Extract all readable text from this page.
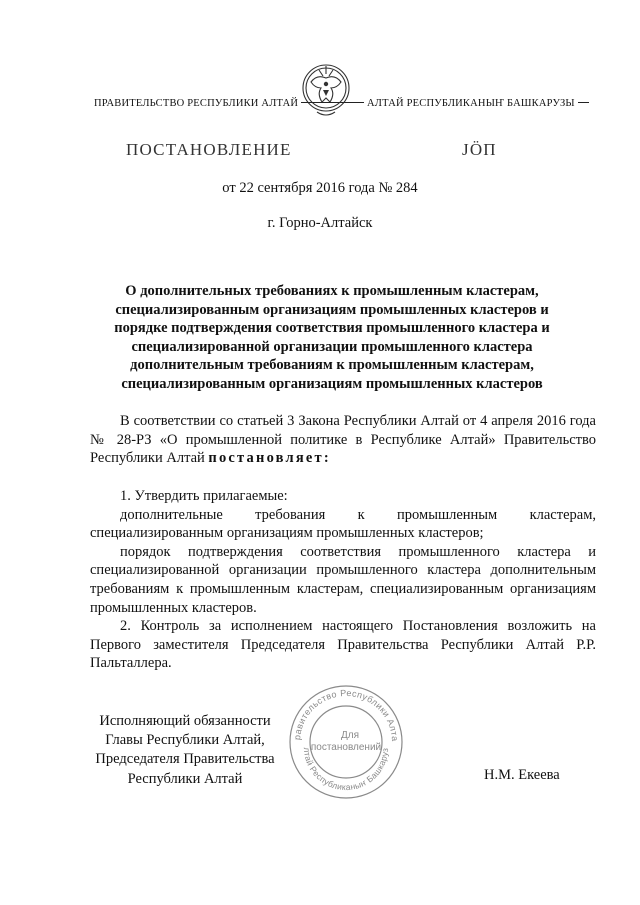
ПРАВИТЕЛЬСТВО РЕСПУБЛИКИ АЛТАЙ	АЛТАЙ РЕСПУБЛИКАНЫҤ БАШКАРУЗЫ
ПОСТАНОВЛЕНИЕ	ЈӦП
от 22 сентября 2016 года № 284
г. Горно-Алтайск
О дополнительных требованиях к промышленным кластерам,
специализированным организациям промышленных кластеров и
порядке подтверждения соответствия промышленного кластера и
специализированной организации промышленного кластера
дополнительным требованиям к промышленным кластерам,
специализированным организациям промышленных кластеров
В соответствии со статьей 3 Закона Республики Алтай от 4 апреля 2016 года № 28-РЗ «О промышленной политике в Республике Алтай» Правительство Республики Алтай постановляет:

1. Утвердить прилагаемые:

дополнительные требования к промышленным кластерам, специализированным организациям промышленных кластеров;

порядок подтверждения соответствия промышленного кластера и специализированной организации промышленного кластера дополнительным требованиям к промышленным кластерам, специализированным организациям промышленных кластеров.

2. Контроль за исполнением настоящего Постановления возложить на Первого заместителя Председателя Правительства Республики Алтай Р.Р. Пальталлера.

Исполняющий обязанности
Главы Республики Алтай,
Председателя Правительства
Республики Алтай	Н.М. Екеева
равительство Республики Алта
лтай Республиканыҥ Башкаруз
Для
постановлений
